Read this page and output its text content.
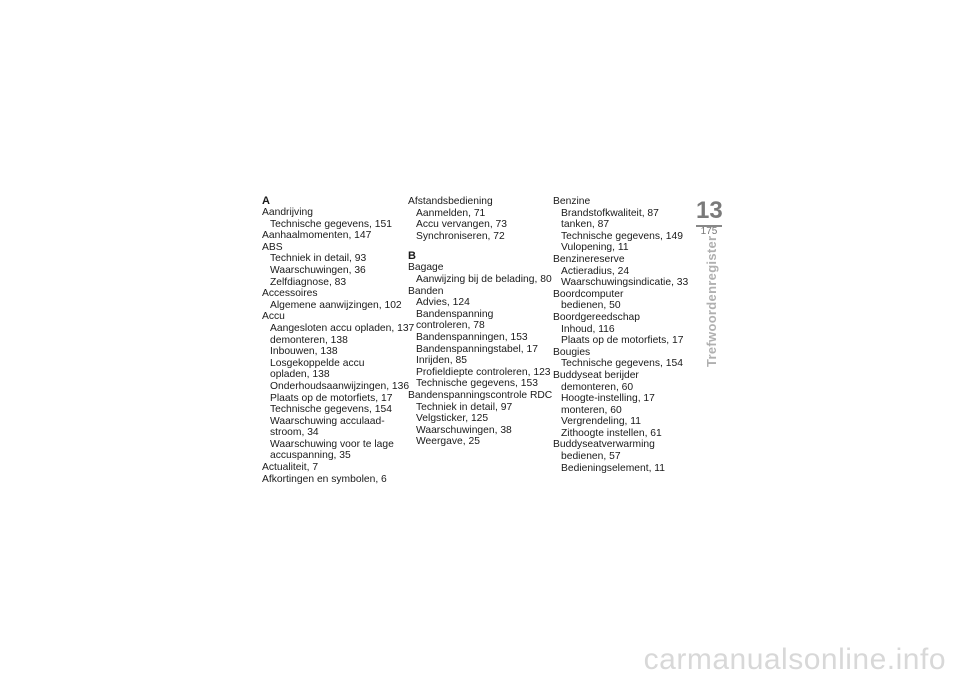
A
Aandrijving
Technische gegevens, 151
Aanhaalmomenten, 147
ABS
Techniek in detail, 93
Waarschuwingen, 36
Zelfdiagnose, 83
Accessoires
Algemene aanwijzingen, 102
Accu
Aangesloten accu opladen, 137
demonteren, 138
Inbouwen, 138
Losgekoppelde accu
opladen, 138
Onderhoudsaanwijzingen, 136
Plaats op de motorfiets, 17
Technische gegevens, 154
Waarschuwing acculaad-
stroom, 34
Waarschuwing voor te lage
accuspanning, 35
Actualiteit, 7
Afkortingen en symbolen, 6
Afstandsbediening
Aanmelden, 71
Accu vervangen, 73
Synchroniseren, 72
B
Bagage
Aanwijzing bij de belading, 80
Banden
Advies, 124
Bandenspanning
controleren, 78
Bandenspanningen, 153
Bandenspanningstabel, 17
Inrijden, 85
Profieldiepte controleren, 123
Technische gegevens, 153
Bandenspanningscontrole RDC
Techniek in detail, 97
Velgsticker, 125
Waarschuwingen, 38
Weergave, 25
Benzine
Brandstofkwaliteit, 87
tanken, 87
Technische gegevens, 149
Vulopening, 11
Benzinereserve
Actieradius, 24
Waarschuwingsindicatie, 33
Boordcomputer
bedienen, 50
Boordgereedschap
Inhoud, 116
Plaats op de motorfiets, 17
Bougies
Technische gegevens, 154
Buddyseat berijder
demonteren, 60
Hoogte-instelling, 17
monteren, 60
Vergrendeling, 11
Zithoogte instellen, 61
Buddyseatverwarming
bedienen, 57
Bedieningselement, 11
13
175
Trefwoordenregister
carmanualsonline.info
